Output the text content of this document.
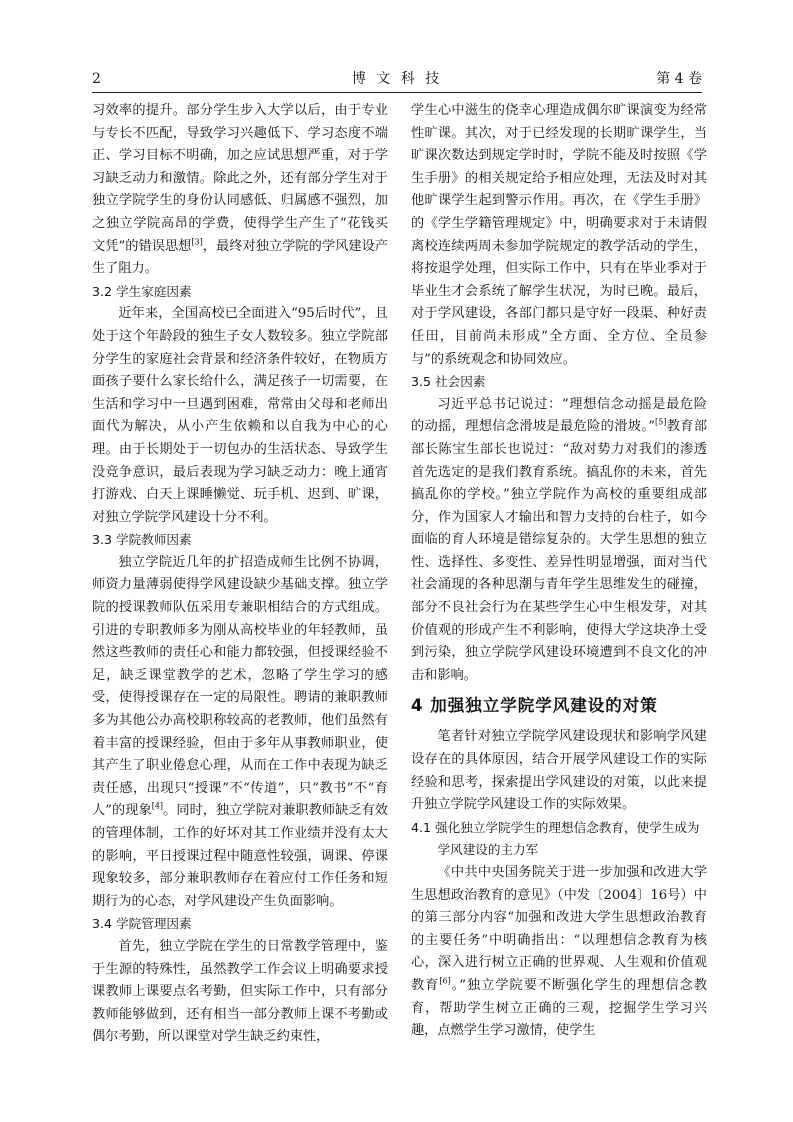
2	博 文 科 技	第 4 卷

习效率的提升。部分学生步入大学以后，由于专业与专长不匹配，导致学习兴趣低下、学习态度不端正、学习目标不明确，加之应试思想严重，对于学习缺乏动力和激情。除此之外，还有部分学生对于独立学院学生的身份认同感低、归属感不强烈，加之独立学院高昂的学费，使得学生产生了“花钱买文凭”的错误思想[3]，最终对独立学院的学风建设产生了阻力。

3.2 学生家庭因素

近年来，全国高校已全面进入“95后时代”，且处于这个年龄段的独生子女人数较多。独立学院部分学生的家庭社会背景和经济条件较好，在物质方面孩子要什么家长给什么，满足孩子一切需要，在生活和学习中一旦遇到困难，常常由父母和老师出面代为解决，从小产生依赖和以自我为中心的心理。由于长期处于一切包办的生活状态、导致学生没竞争意识，最后表现为学习缺乏动力：晚上通宵打游戏、白天上课睡懒觉、玩手机、迟到、旷课，对独立学院学风建设十分不利。

3.3 学院教师因素

独立学院近几年的扩招造成师生比例不协调，师资力量薄弱使得学风建设缺少基础支撑。独立学院的授课教师队伍采用专兼职相结合的方式组成。引进的专职教师多为刚从高校毕业的年轻教师，虽然这些教师的责任心和能力都较强，但授课经验不足，缺乏课堂教学的艺术，忽略了学生学习的感受，使得授课存在一定的局限性。聘请的兼职教师多为其他公办高校职称较高的老教师，他们虽然有着丰富的授课经验，但由于多年从事教师职业，使其产生了职业倦怠心理，从而在工作中表现为缺乏责任感，出现只“授课”不“传道”，只“教书”不“育人”的现象[4]。同时，独立学院对兼职教师缺乏有效的管理体制，工作的好坏对其工作业绩并没有太大的影响，平日授课过程中随意性较强，调课、停课现象较多，部分兼职教师存在着应付工作任务和短期行为的心态，对学风建设产生负面影响。

3.4 学院管理因素

首先，独立学院在学生的日常教学管理中，鉴于生源的特殊性，虽然教学工作会议上明确要求授课教师上课要点名考勤，但实际工作中，只有部分教师能够做到，还有相当一部分教师上课不考勤或偶尔考勤，所以课堂对学生缺乏约束性，

学生心中滋生的侥幸心理造成偶尔旷课演变为经常性旷课。其次，对于已经发现的长期旷课学生，当旷课次数达到规定学时时，学院不能及时按照《学生手册》的相关规定给予相应处理，无法及时对其他旷课学生起到警示作用。再次，在《学生手册》的《学生学籍管理规定》中，明确要求对于未请假离校连续两周未参加学院规定的教学活动的学生，将按退学处理，但实际工作中，只有在毕业季对于毕业生才会系统了解学生状况，为时已晚。最后，对于学风建设，各部门都只是守好一段渠、种好责任田，目前尚未形成“全方面、全方位、全员参与”的系统观念和协同效应。

3.5 社会因素

习近平总书记说过：“理想信念动摇是最危险的动摇，理想信念滑坡是最危险的滑坡。”[5]教育部部长陈宝生部长也说过：“敌对势力对我们的渗透首先选定的是我们教育系统。搞乱你的未来，首先搞乱你的学校。”独立学院作为高校的重要组成部分，作为国家人才输出和智力支持的台柱子，如今面临的育人环境是错综复杂的。大学生思想的独立性、选择性、多变性、差异性明显增强，面对当代社会涌现的各种思潮与青年学生思维发生的碰撞，部分不良社会行为在某些学生心中生根发芽，对其价值观的形成产生不利影响，使得大学这块净土受到污染，独立学院学风建设环境遭到不良文化的冲击和影响。

4 加强独立学院学风建设的对策

笔者针对独立学院学风建设现状和影响学风建设存在的具体原因，结合开展学风建设工作的实际经验和思考，探索提出学风建设的对策，以此来提升独立学院学风建设工作的实际效果。

4.1 强化独立学院学生的理想信念教育，使学生成为学风建设的主力军

《中共中央国务院关于进一步加强和改进大学生思想政治教育的意见》（中发〔2004〕16号）中的第三部分内容“加强和改进大学生思想政治教育的主要任务”中明确指出：“以理想信念教育为核心，深入进行树立正确的世界观、人生观和价值观教育[6]。”独立学院要不断强化学生的理想信念教育，帮助学生树立正确的三观，挖掘学生学习兴趣，点燃学生学习激情，使学生
